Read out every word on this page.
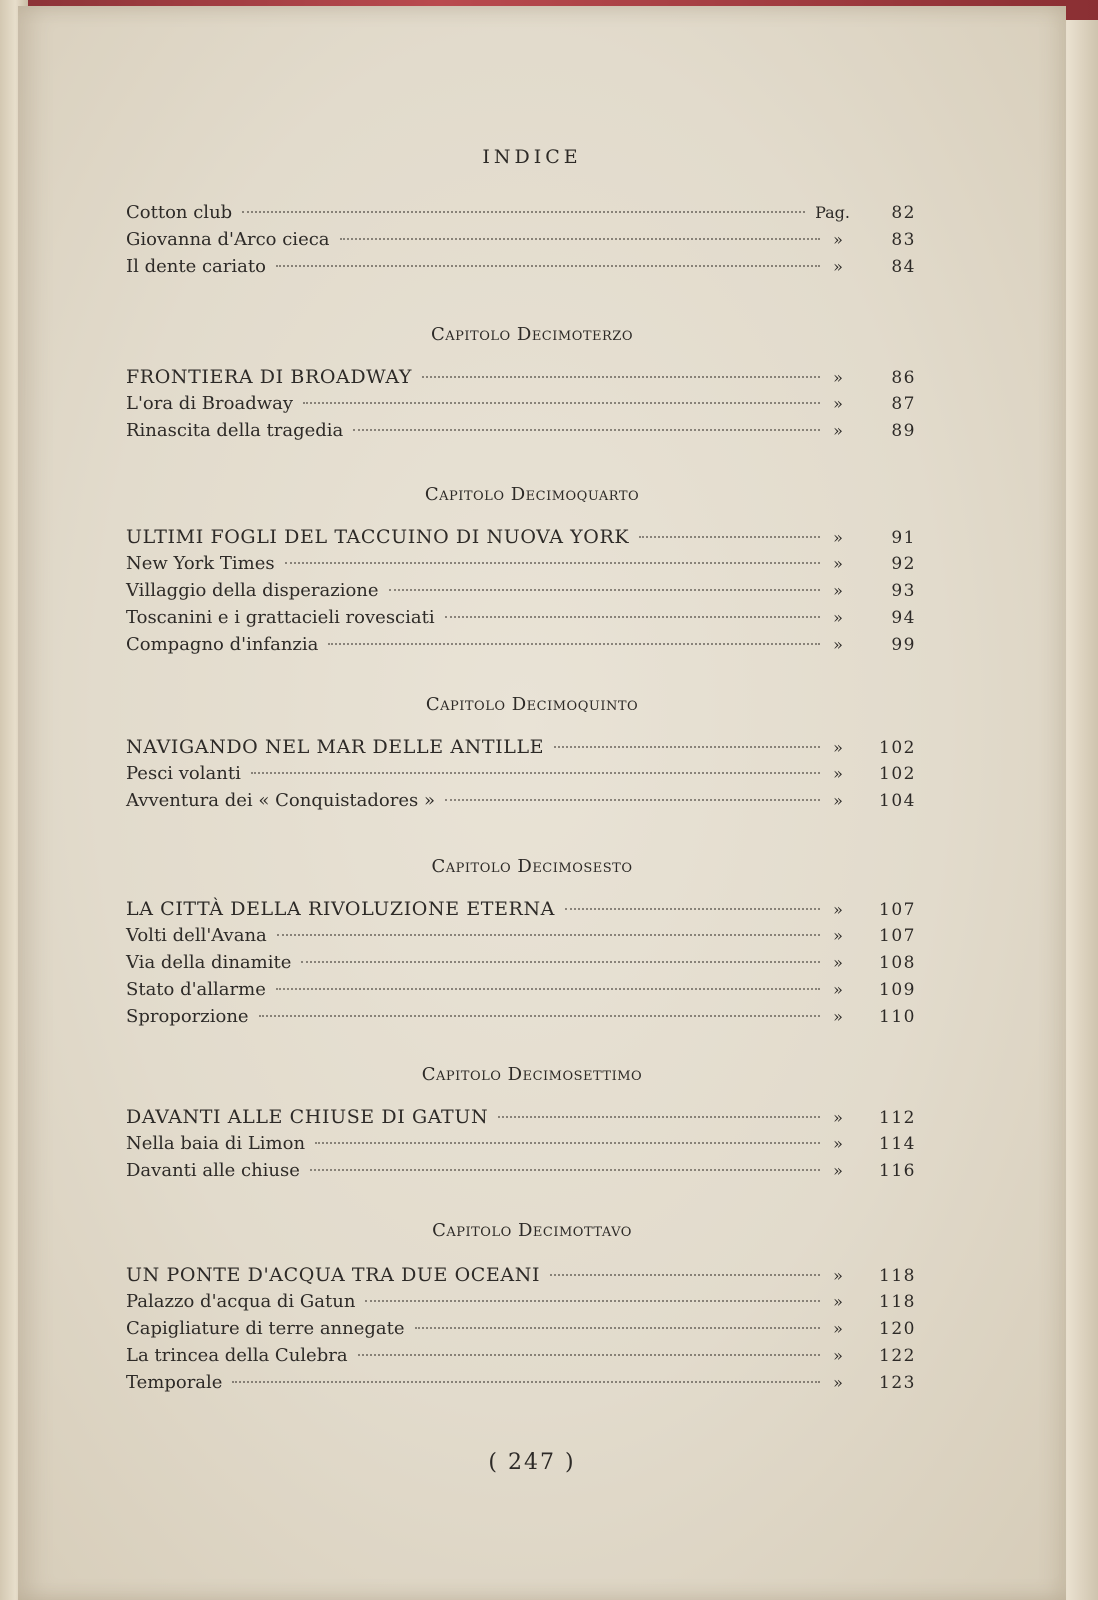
INDICE
( 247 )
Cotton club	Pag.	82
Giovanna d'Arco cieca	»	83
Il dente cariato	»	84
Capitolo Decimoterzo
FRONTIERA DI BROADWAY	»	86
L'ora di Broadway	»	87
Rinascita della tragedia	»	89
Capitolo Decimoquarto
ULTIMI FOGLI DEL TACCUINO DI NUOVA YORK	»	91
New York Times	»	92
Villaggio della disperazione	»	93
Toscanini e i grattacieli rovesciati	»	94
Compagno d'infanzia	»	99
Capitolo Decimoquinto
NAVIGANDO NEL MAR DELLE ANTILLE	»	102
Pesci volanti	»	102
Avventura dei « Conquistadores »	»	104
Capitolo Decimosesto
LA CITTÀ DELLA RIVOLUZIONE ETERNA	»	107
Volti dell'Avana	»	107
Via della dinamite	»	108
Stato d'allarme	»	109
Sproporzione	»	110
Capitolo Decimosettimo
DAVANTI ALLE CHIUSE DI GATUN	»	112
Nella baia di Limon	»	114
Davanti alle chiuse	»	116
Capitolo Decimottavo
UN PONTE D'ACQUA TRA DUE OCEANI	»	118
Palazzo d'acqua di Gatun	»	118
Capigliature di terre annegate	»	120
La trincea della Culebra	»	122
Temporale	»	123
